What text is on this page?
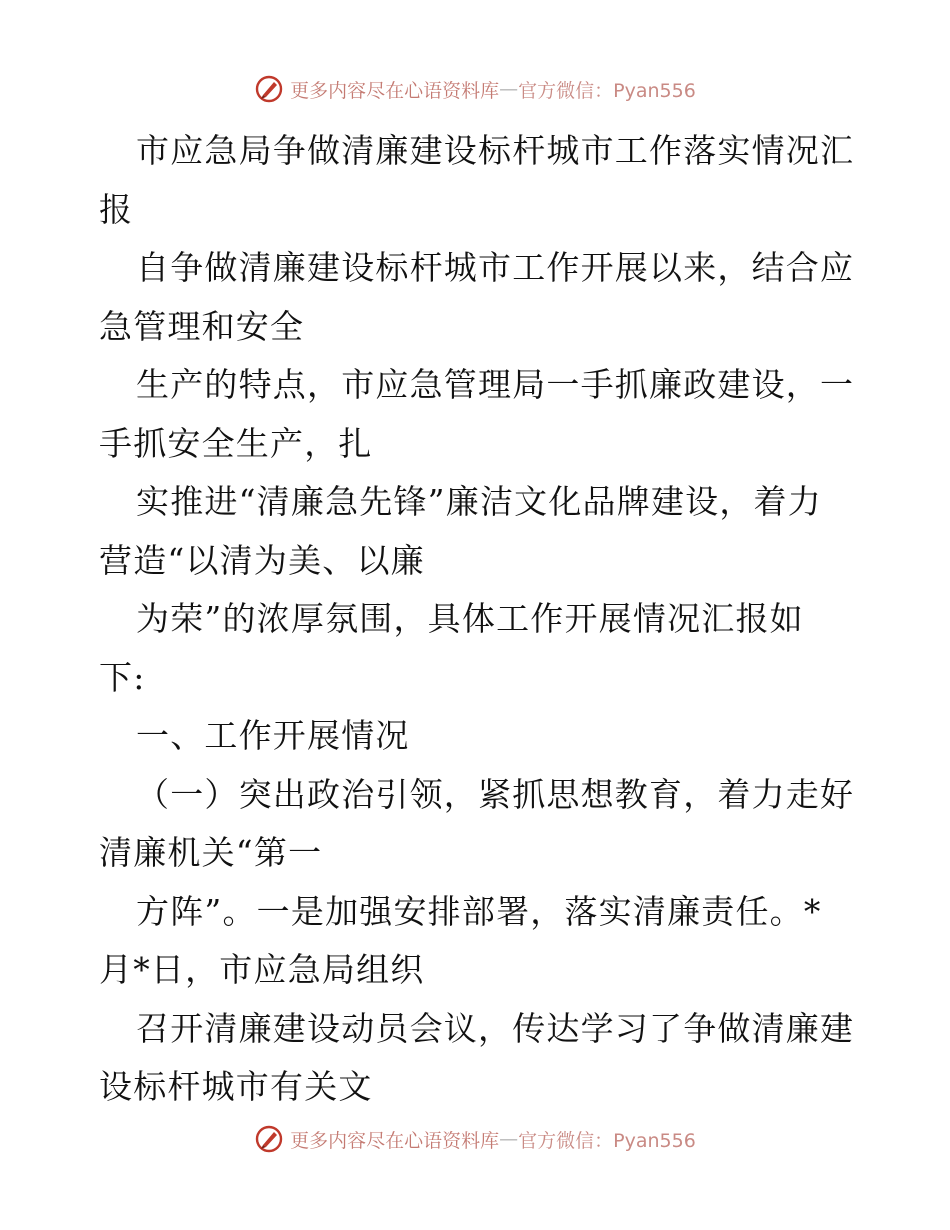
更多内容尽在心语资料库 — 官方微信：Pyan556
市应急局争做清廉建设标杆城市工作落实情况汇
报
自争做清廉建设标杆城市工作开展以来，结合应
急管理和安全
生产的特点，市应急管理局一手抓廉政建设，一
手抓安全生产，扎
实推进“清廉急先锋”廉洁文化品牌建设，着力
营造“以清为美、以廉
为荣”的浓厚氛围，具体工作开展情况汇报如
下:
一、工作开展情况
（一）突出政治引领，紧抓思想教育，着力走好
清廉机关“第一
方阵”。一是加强安排部署，落实清廉责任。*
月*日，市应急局组织
召开清廉建设动员会议，传达学习了争做清廉建
设标杆城市有关文
更多内容尽在心语资料库 — 官方微信：Pyan556
